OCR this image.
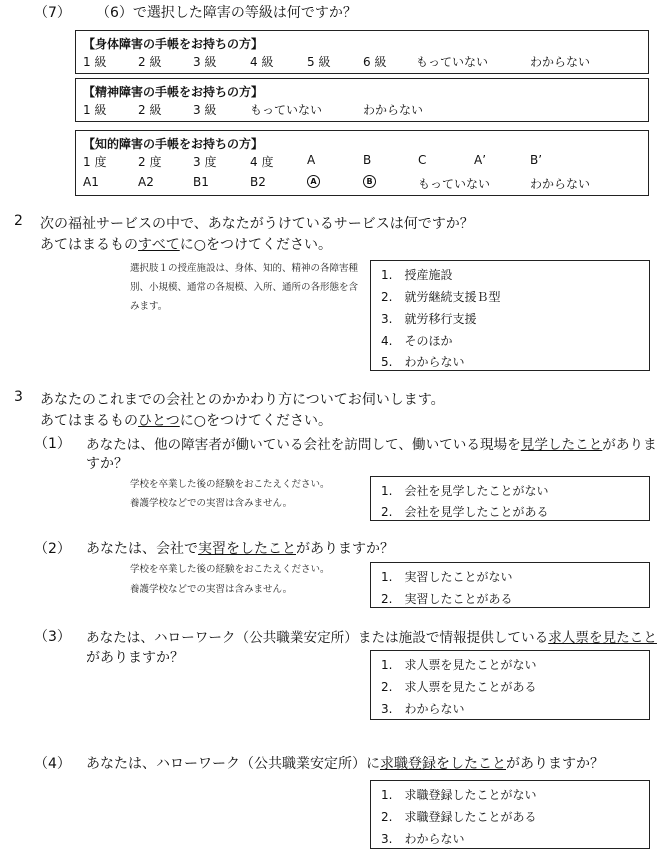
（7） （6）で選択した障害の等級は何ですか？
【身体障害の手帳をお持ちの方】
1 級	2 級	3 級	4 級	5 級	6 級 もっていない	わからない
【精神障害の手帳をお持ちの方】
1 級	2 級	3 級	もっていない	わからない
【知的障害の手帳をお持ちの方】
1 度	2 度	3 度	4 度	A	B	C	A’	B’
A1	A2	B1	B2	A	B	もっていない	わからない
2 次の福祉サービスの中で、あなたがうけているサービスは何ですか？
あてはまるものすべてに○をつけてください。
選択肢１の授産施設は、身体、知的、精神の各障害種
別、小規模、通常の各規模、入所、通所の各形態を含
みます。
1.　授産施設
2.　就労継続支援Ｂ型
3.　就労移行支援
4.　そのほか
5.　わからない
3 あなたのこれまでの会社とのかかわり方についてお伺いします。
あてはまるものひとつに○をつけてください。
（1） あなたは、他の障害者が働いている会社を訪問して、働いている現場を見学したことがありま
すか？
学校を卒業した後の経験をおこたえください。
養護学校などでの実習は含みません。
1.　会社を見学したことがない
2.　会社を見学したことがある
（2） あなたは、会社で実習をしたことがありますか？
学校を卒業した後の経験をおこたえください。
養護学校などでの実習は含みません。
1.　実習したことがない
2.　実習したことがある
（3） あなたは、ハローワーク（公共職業安定所）または施設で情報提供している求人票を見たこと
がありますか？	1.　求人票を見たことがない
2.　求人票を見たことがある
3.　わからない
（4） あなたは、ハローワーク（公共職業安定所）に求職登録をしたことがありますか？
1.　求職登録したことがない
2.　求職登録したことがある
3.　わからない
